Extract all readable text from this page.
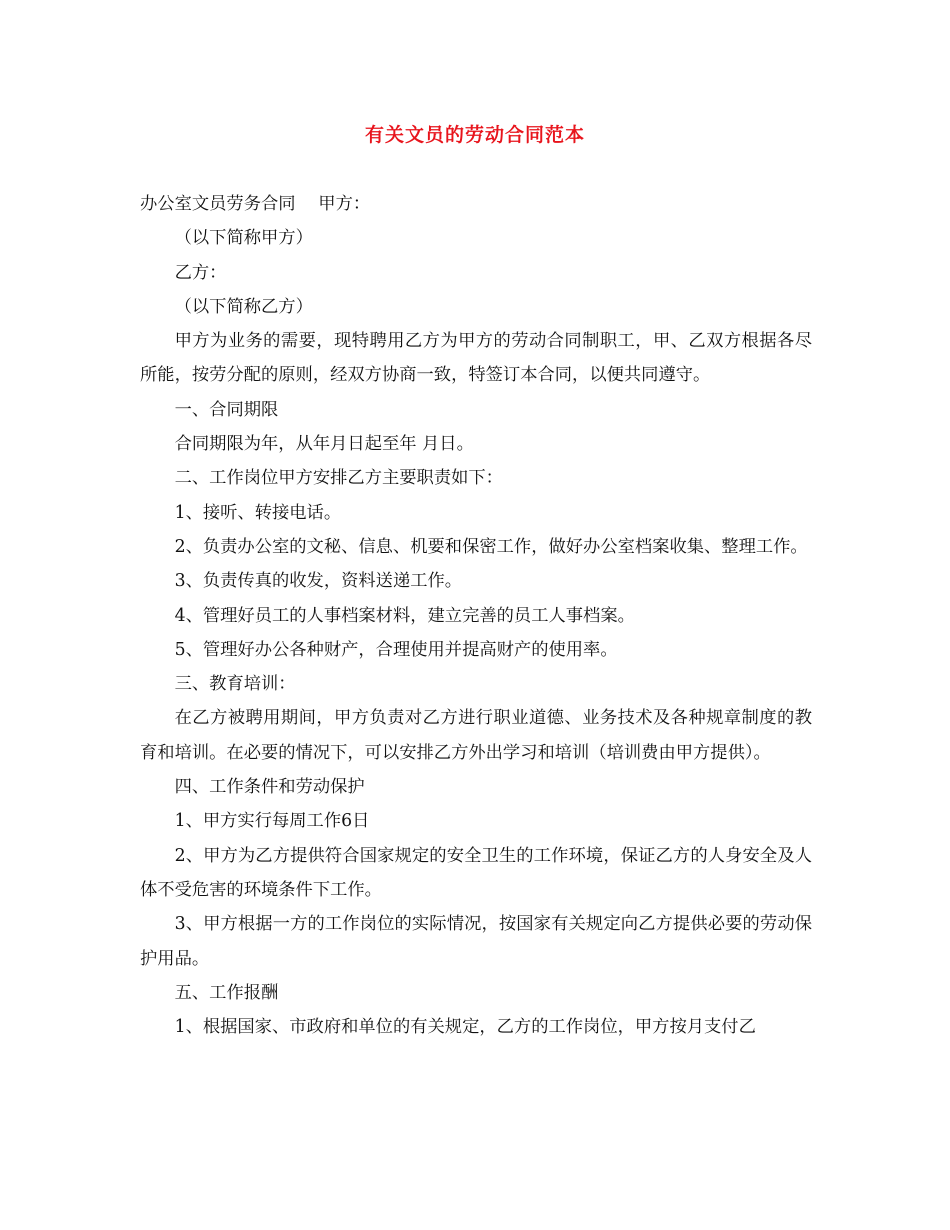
有关文员的劳动合同范本

办公室文员劳务合同　 甲方：

（以下简称甲方）

乙方：

（以下简称乙方）

甲方为业务的需要，现特聘用乙方为甲方的劳动合同制职工，甲、乙双方根据各尽所能，按劳分配的原则，经双方协商一致，特签订本合同，以便共同遵守。

一、合同期限

合同期限为年，从年月日起至年 月日。

二、工作岗位甲方安排乙方主要职责如下：

1、接听、转接电话。

2、负责办公室的文秘、信息、机要和保密工作，做好办公室档案收集、整理工作。

3、负责传真的收发，资料送递工作。

4、管理好员工的人事档案材料，建立完善的员工人事档案。

5、管理好办公各种财产，合理使用并提高财产的使用率。

三、教育培训：

在乙方被聘用期间，甲方负责对乙方进行职业道德、业务技术及各种规章制度的教育和培训。在必要的情况下，可以安排乙方外出学习和培训（培训费由甲方提供）。

四、工作条件和劳动保护

1、甲方实行每周工作6日

2、甲方为乙方提供符合国家规定的安全卫生的工作环境，保证乙方的人身安全及人体不受危害的环境条件下工作。

3、甲方根据一方的工作岗位的实际情况，按国家有关规定向乙方提供必要的劳动保护用品。

五、工作报酬

1、根据国家、市政府和单位的有关规定，乙方的工作岗位，甲方按月支付乙
